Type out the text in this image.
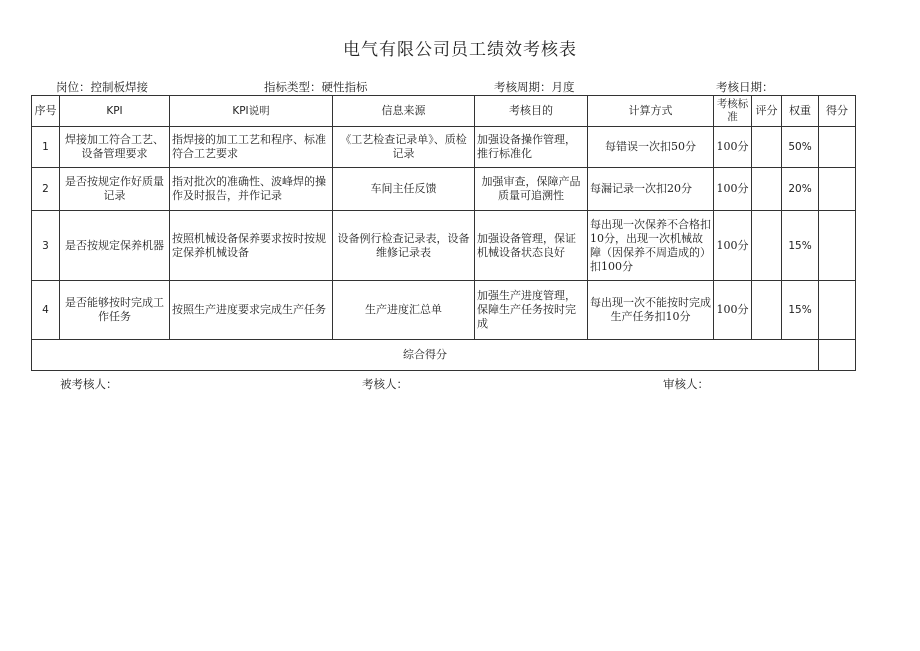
电气有限公司员工绩效考核表
岗位：控制板焊接	指标类型：硬性指标	考核周期：月度	考核日期：
序号	KPI	KPI说明	信息来源	考核目的	计算方式	考核标准	评分	权重	得分
1	焊接加工符合工艺、设备管理要求	指焊接的加工工艺和程序、标准符合工艺要求	《工艺检查记录单》、质检记录	加强设备操作管理，推行标准化	每错误一次扣50分	100分		50%	
2	是否按规定作好质量记录	指对批次的准确性、波峰焊的操作及时报告，并作记录	车间主任反馈	加强审查，保障产品质量可追溯性	每漏记录一次扣20分	100分		20%	
3	是否按规定保养机器	按照机械设备保养要求按时按规定保养机械设备	设备例行检查记录表，设备维修记录表	加强设备管理，保证机械设备状态良好	每出现一次保养不合格扣10分，出现一次机械故障（因保养不周造成的）扣100分	100分		15%	
4	是否能够按时完成工作任务	按照生产进度要求完成生产任务	生产进度汇总单	加强生产进度管理，保障生产任务按时完成	每出现一次不能按时完成生产任务扣10分	100分		15%	
综合得分									
被考核人：	考核人：	审核人：
